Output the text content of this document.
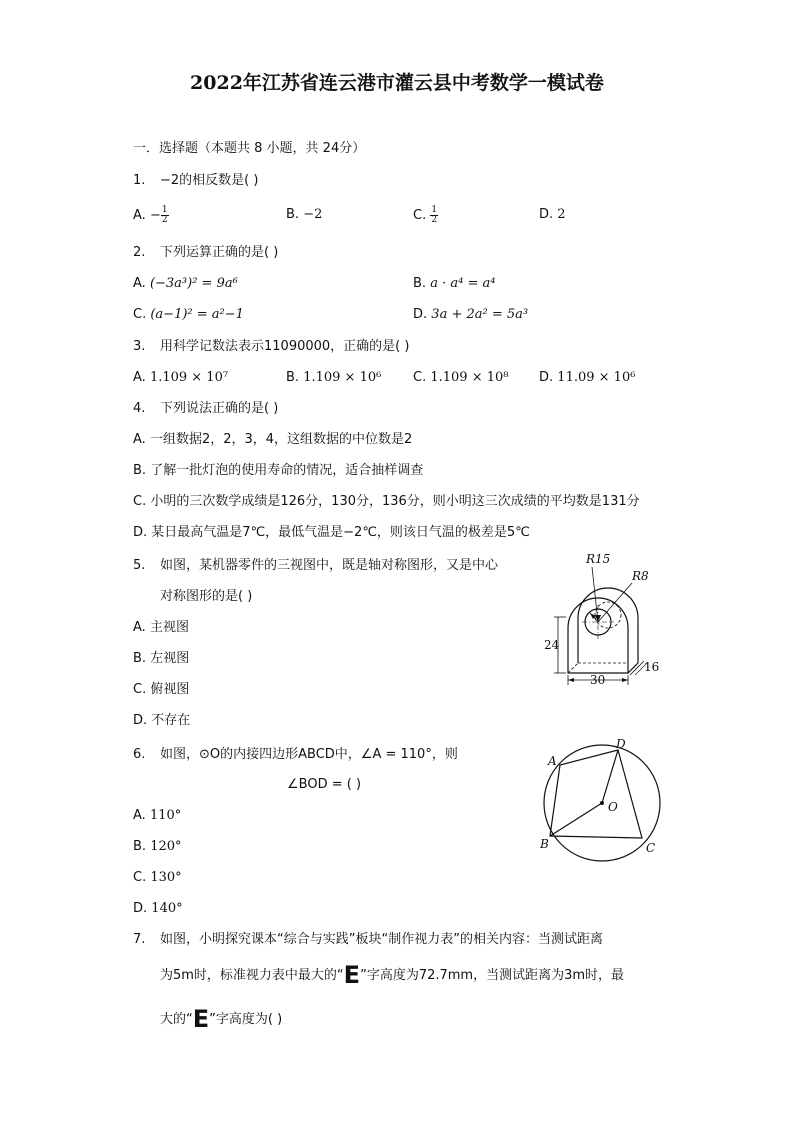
2022年江苏省连云港市灌云县中考数学一模试卷
一．选择题（本题共 8 小题，共 24分）
1. −2的相反数是( )
A. − $\frac{1}{2}$	B. −2	C. $\frac{1}{2}$	D. 2
2. 下列运算正确的是( )
A. (−3a³)² = 9a⁶	B. a · a⁴ = a⁴
C. (a−1)² = a²−1	D. 3a + 2a² = 5a³
3. 用科学记数法表示11090000，正确的是( )
A. 1.109 × 10⁷	B. 1.109 × 10⁶ C. 1.109 × 10⁸ D. 11.09 × 10⁶
4. 下列说法正确的是( )
A. 一组数据2，2，3，4，这组数据的中位数是2
B. 了解一批灯泡的使用寿命的情况，适合抽样调查
C. 小明的三次数学成绩是126分，130分，136分，则小明这三次成绩的平均数是131分
D. 某日最高气温是7℃，最低气温是−2℃，则该日气温的极差是5℃
5. 如图，某机器零件的三视图中，既是轴对称图形，又是中心
对称图形的是( )
A. 主视图
B. 左视图
C. 俯视图
D. 不存在
R15
R8
24
30
16
6. 如图，⊙O的内接四边形ABCD中，∠A = 110°，则
∠BOD = ( )
A. 110°
B. 120°
C. 130°
D. 140°
A
D
B	C
O
7. 如图，小明探究课本“综合与实践”板块“制作视力表”的相关内容：当测试距离
为5m时，标准视力表中最大的“E”字高度为72.7mm，当测试距离为3m时，最
大的“E”字高度为( )
